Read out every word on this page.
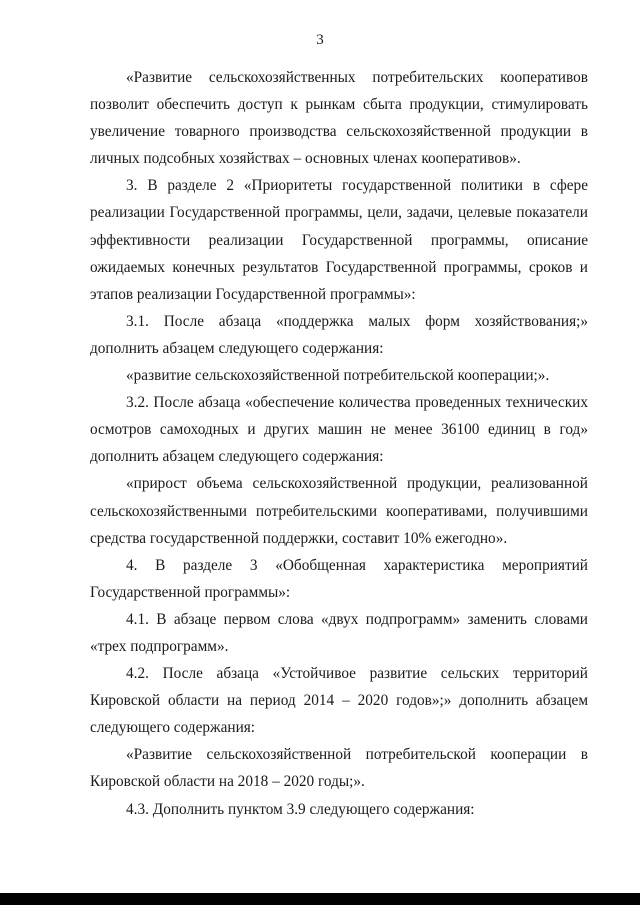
3

«Развитие сельскохозяйственных потребительских кооперативов позволит обеспечить доступ к рынкам сбыта продукции, стимулировать увеличение товарного производства сельскохозяйственной продукции в личных подсобных хозяйствах – основных членах кооперативов».

3. В разделе 2 «Приоритеты государственной политики в сфере реализации Государственной программы, цели, задачи, целевые показатели эффективности реализации Государственной программы, описание ожидаемых конечных результатов Государственной программы, сроков и этапов реализации Государственной программы»:

3.1. После абзаца «поддержка малых форм хозяйствования;» дополнить абзацем следующего содержания:

«развитие сельскохозяйственной потребительской кооперации;».

3.2. После абзаца «обеспечение количества проведенных технических осмотров самоходных и других машин не менее 36100 единиц в год» дополнить абзацем следующего содержания:

«прирост объема сельскохозяйственной продукции, реализованной сельскохозяйственными потребительскими кооперативами, получившими средства государственной поддержки, составит 10% ежегодно».

4. В разделе 3 «Обобщенная характеристика мероприятий Государственной программы»:

4.1. В абзаце первом слова «двух подпрограмм» заменить словами «трех подпрограмм».

4.2. После абзаца «Устойчивое развитие сельских территорий Кировской области на период 2014 – 2020 годов»;» дополнить абзацем следующего содержания:

«Развитие сельскохозяйственной потребительской кооперации в Кировской области на 2018 – 2020 годы;».

4.3. Дополнить пунктом 3.9 следующего содержания:
